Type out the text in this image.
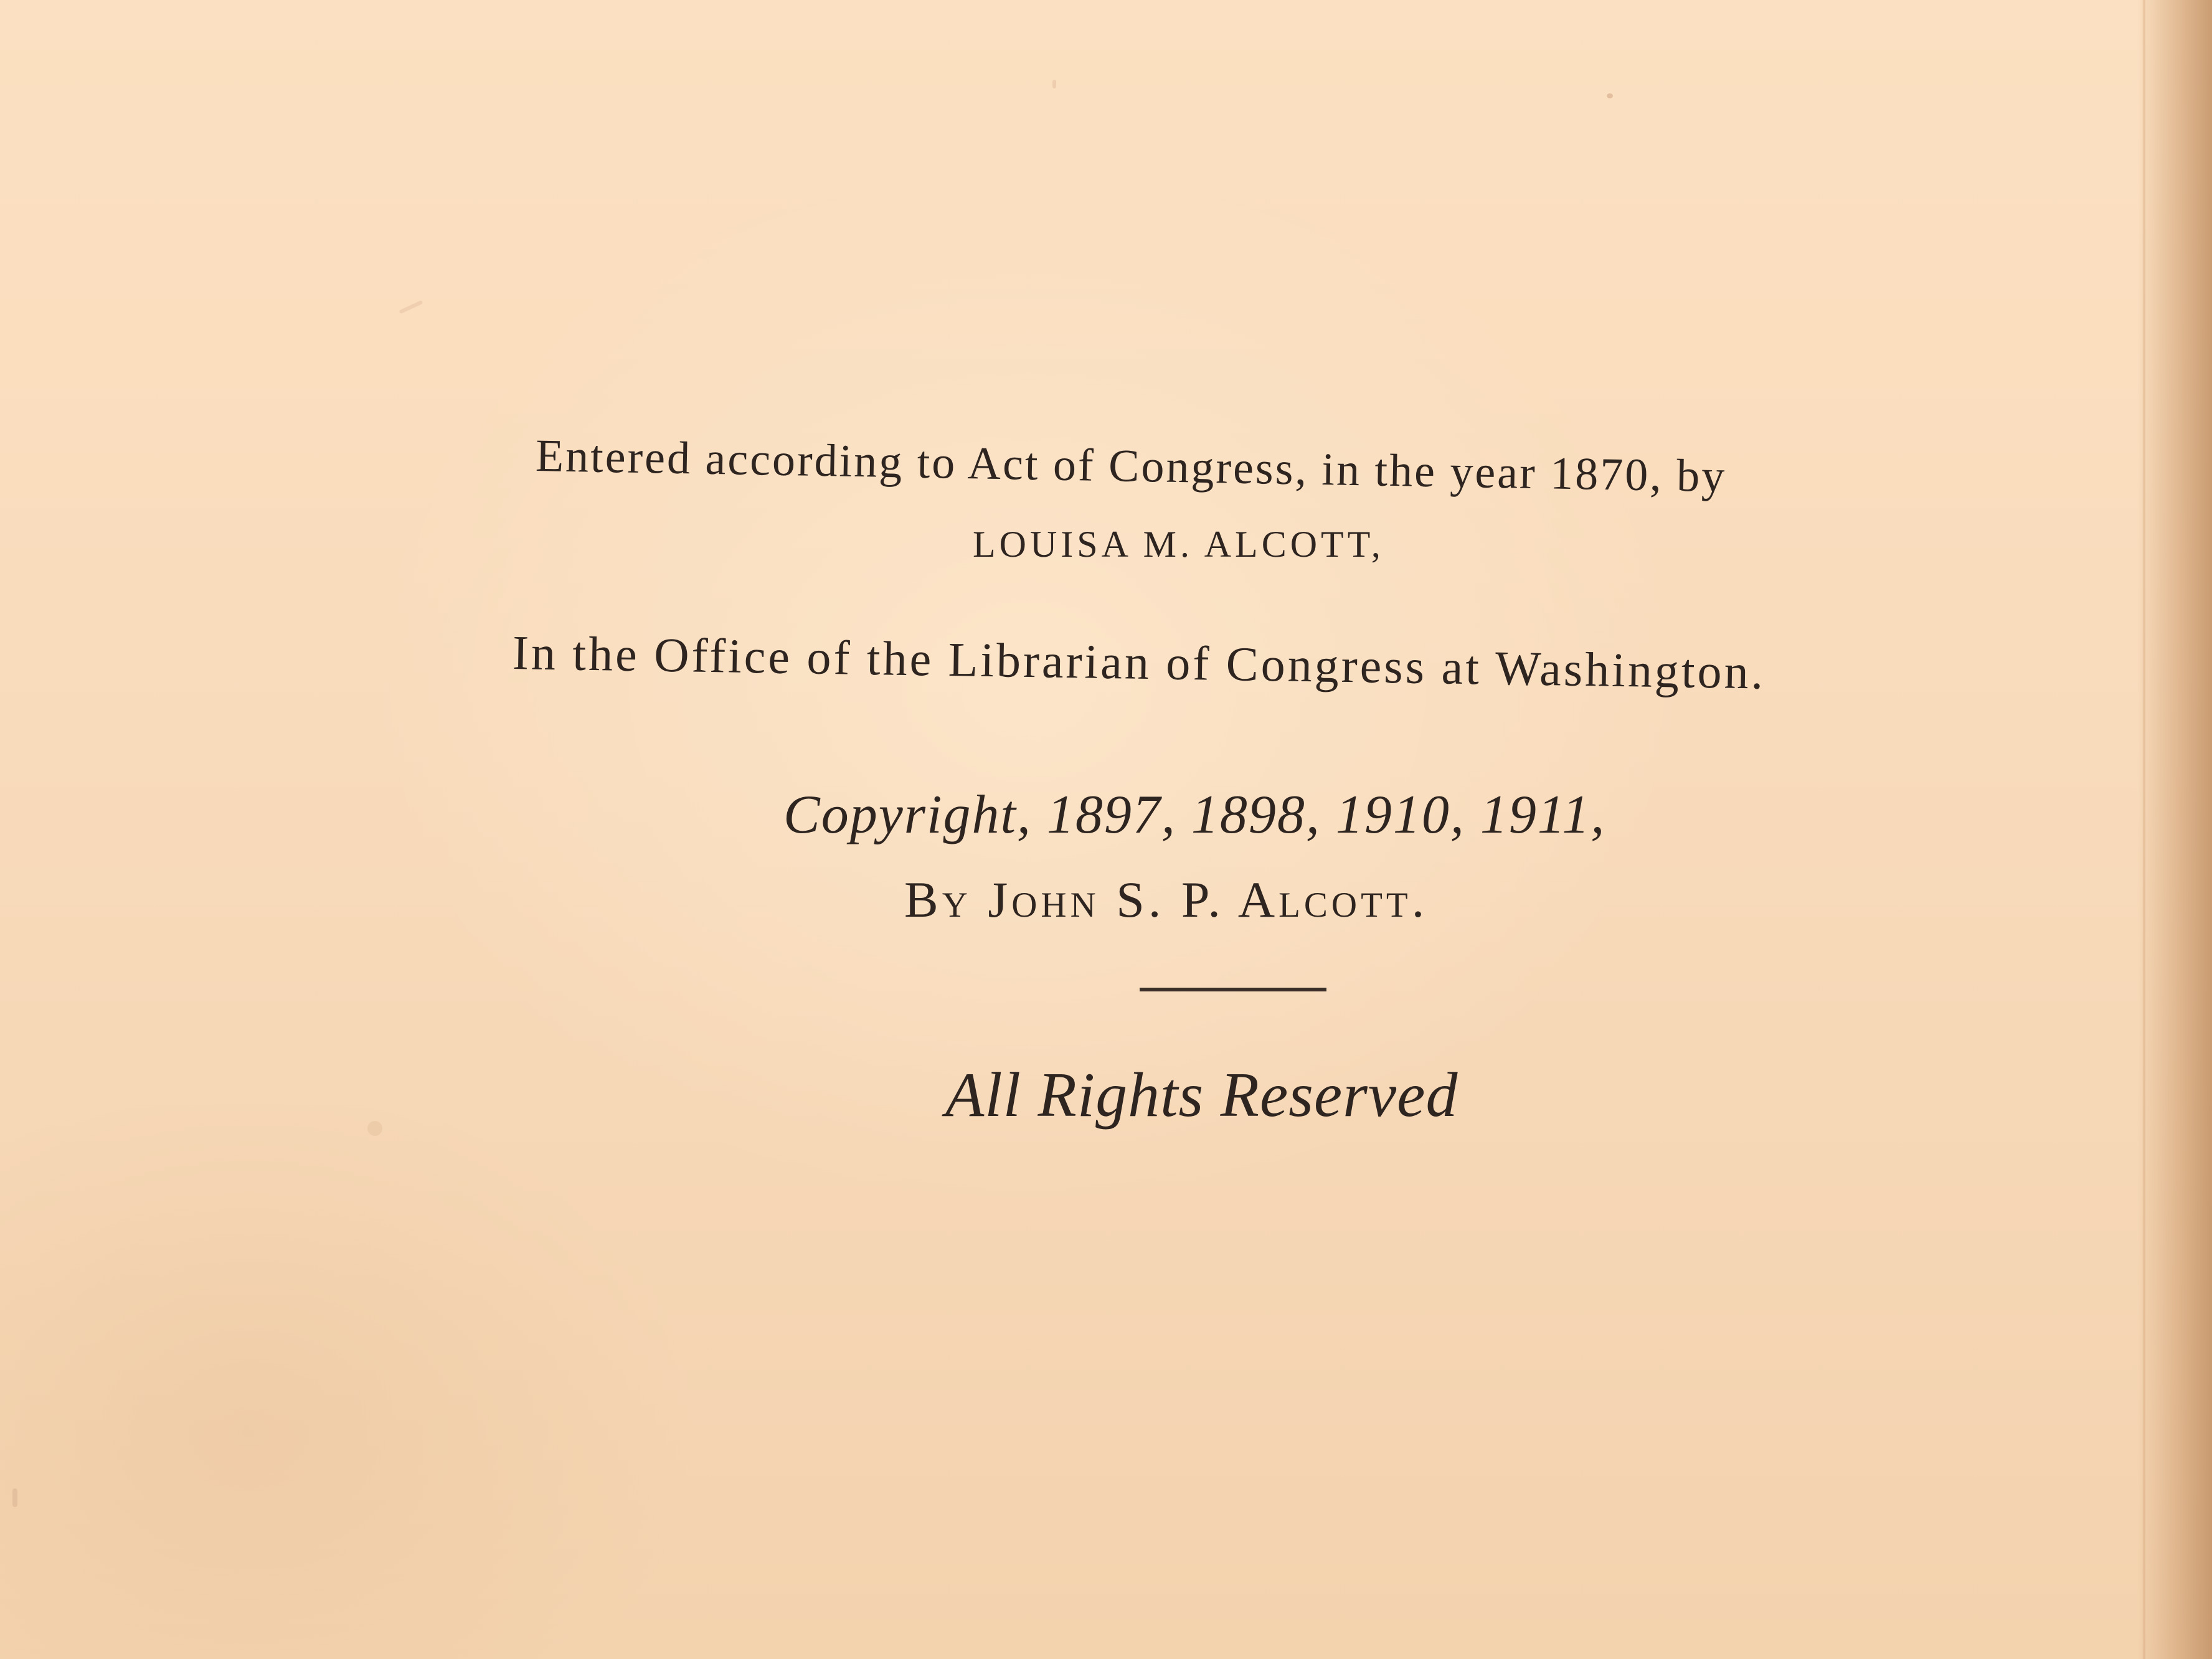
Entered according to Act of Congress, in the year 1870, by

LOUISA M. ALCOTT,

In the Office of the Librarian of Congress at Washington.

Copyright, 1897, 1898, 1910, 1911,

By John S. P. Alcott.

All Rights Reserved
